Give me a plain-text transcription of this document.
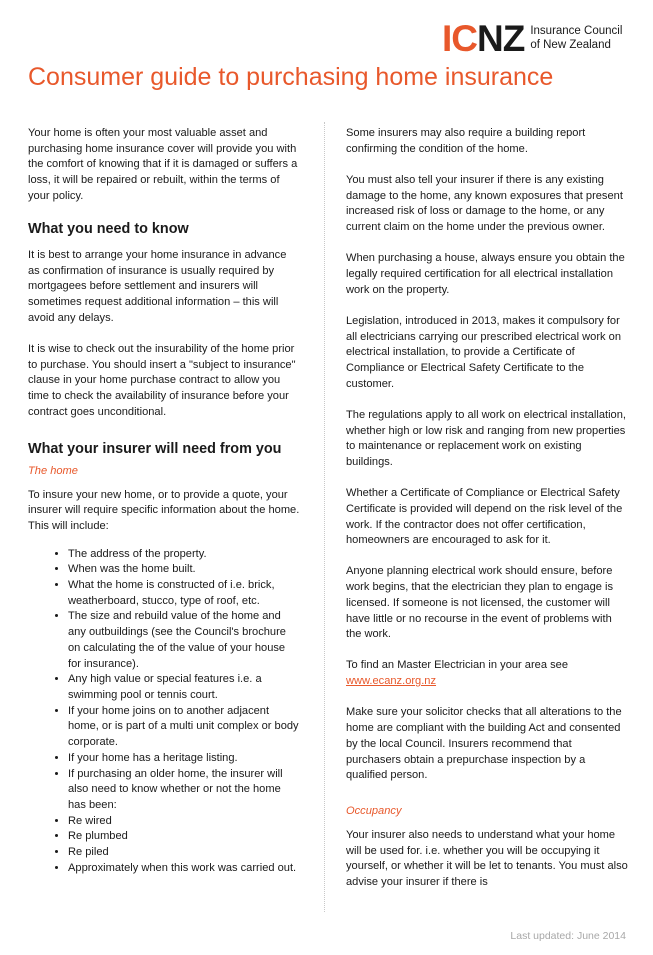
ICNZ Insurance Council
of New Zealand
Consumer guide to purchasing home insurance

Your home is often your most valuable asset and purchasing home insurance cover will provide you with the comfort of knowing that if it is damaged or suffers a loss, it will be repaired or rebuilt, within the terms of your policy.

What you need to know

It is best to arrange your home insurance in advance as confirmation of insurance is usually required by mortgagees before settlement and insurers will sometimes request additional information – this will avoid any delays.

It is wise to check out the insurability of the home prior to purchase. You should insert a "subject to insurance" clause in your home purchase contract to allow you time to check the availability of insurance before your contract goes unconditional.

What your insurer will need from you
The home

To insure your new home, or to provide a quote, your insurer will require specific information about the home. This will include:

• The address of the property.
• When was the home built.
• What the home is constructed of i.e. brick, weatherboard, stucco, type of roof, etc.
• The size and rebuild value of the home and any outbuildings (see the Council's brochure on calculating the of the value of your house for insurance).
• Any high value or special features i.e. a swimming pool or tennis court.
• If your home joins on to another adjacent home, or is part of a multi unit complex or body corporate.
• If your home has a heritage listing.
• If purchasing an older home, the insurer will also need to know whether or not the home has been:
• Re wired
• Re plumbed
• Re piled
• Approximately when this work was carried out.

Some insurers may also require a building report confirming the condition of the home.

You must also tell your insurer if there is any existing damage to the home, any known exposures that present increased risk of loss or damage to the home, or any current claim on the home under the previous owner.

When purchasing a house, always ensure you obtain the legally required certification for all electrical installation work on the property.

Legislation, introduced in 2013, makes it compulsory for all electricians carrying our prescribed electrical work on electrical installation, to provide a Certificate of Compliance or Electrical Safety Certificate to the customer.

The regulations apply to all work on electrical installation, whether high or low risk and ranging from new properties to maintenance or replacement work on existing buildings.

Whether a Certificate of Compliance or Electrical Safety Certificate is provided will depend on the risk level of the work. If the contractor does not offer certification, homeowners are encouraged to ask for it.

Anyone planning electrical work should ensure, before work begins, that the electrician they plan to engage is licensed. If someone is not licensed, the customer will have little or no recourse in the event of problems with the work.

To find an Master Electrician in your area see
www.ecanz.org.nz

Make sure your solicitor checks that all alterations to the home are compliant with the building Act and consented by the local Council. Insurers recommend that purchasers obtain a prepurchase inspection by a qualified person.

Occupancy

Your insurer also needs to understand what your home will be used for. i.e. whether you will be occupying it yourself, or whether it will be let to tenants. You must also advise your insurer if there is

Last updated: June 2014
